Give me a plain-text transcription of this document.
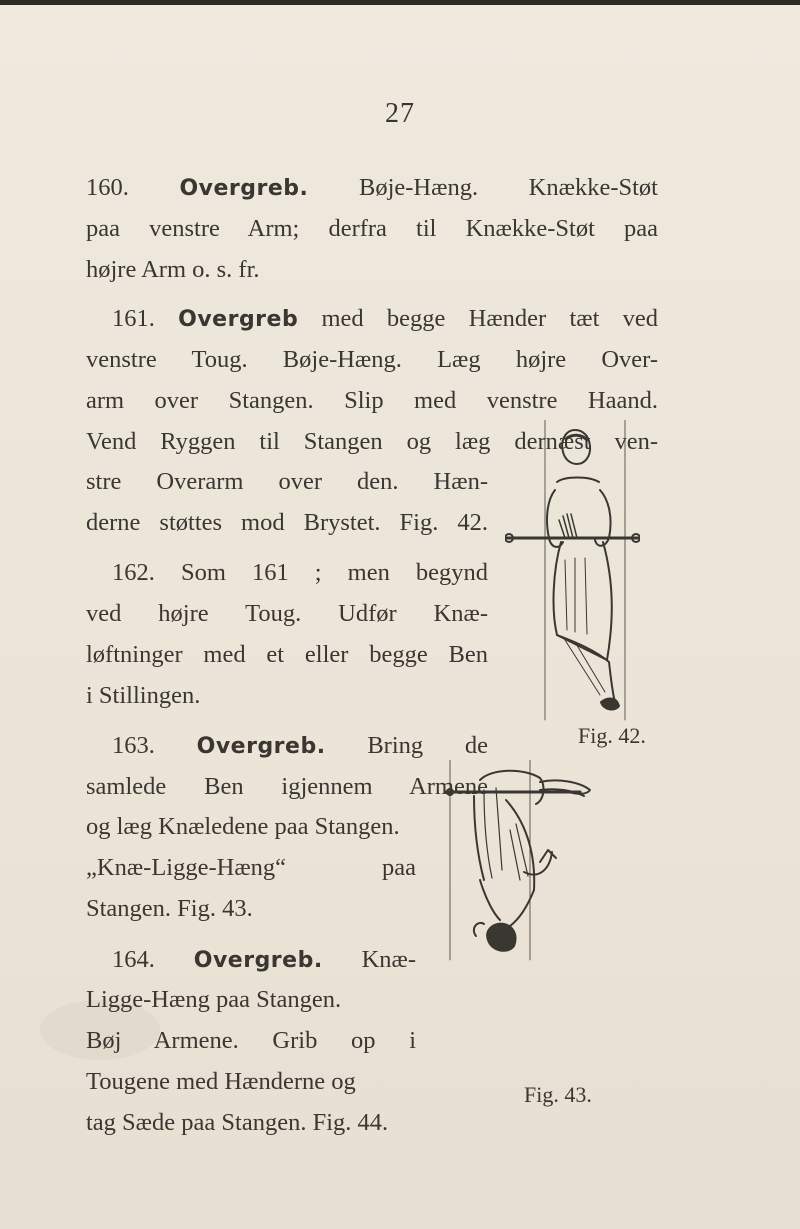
27
160. Overgreb. Bøje-Hæng. Knække-Støt
paa venstre Arm; derfra til Knække-Støt paa
højre Arm o. s. fr.
161. Overgreb med begge Hænder tæt ved
venstre Toug. Bøje-Hæng. Læg højre Over-
arm over Stangen. Slip med venstre Haand.
Vend Ryggen til Stangen og læg dernæst ven-
stre Overarm over den. Hæn-
derne støttes mod Brystet. Fig. 42.
162. Som 161 ; men begynd
ved højre Toug. Udfør Knæ-
løftninger med et eller begge Ben
i Stillingen.
163. Overgreb. Bring de
samlede Ben igjennem Armene
og læg Knæledene paa Stangen.
„Knæ-Ligge-Hæng“ paa
Stangen. Fig. 43.
164. Overgreb. Knæ-
Ligge-Hæng paa Stangen.
Bøj Armene. Grib op i
Tougene med Hænderne og
tag Sæde paa Stangen. Fig. 44.
Fig. 42.
Fig. 43.
